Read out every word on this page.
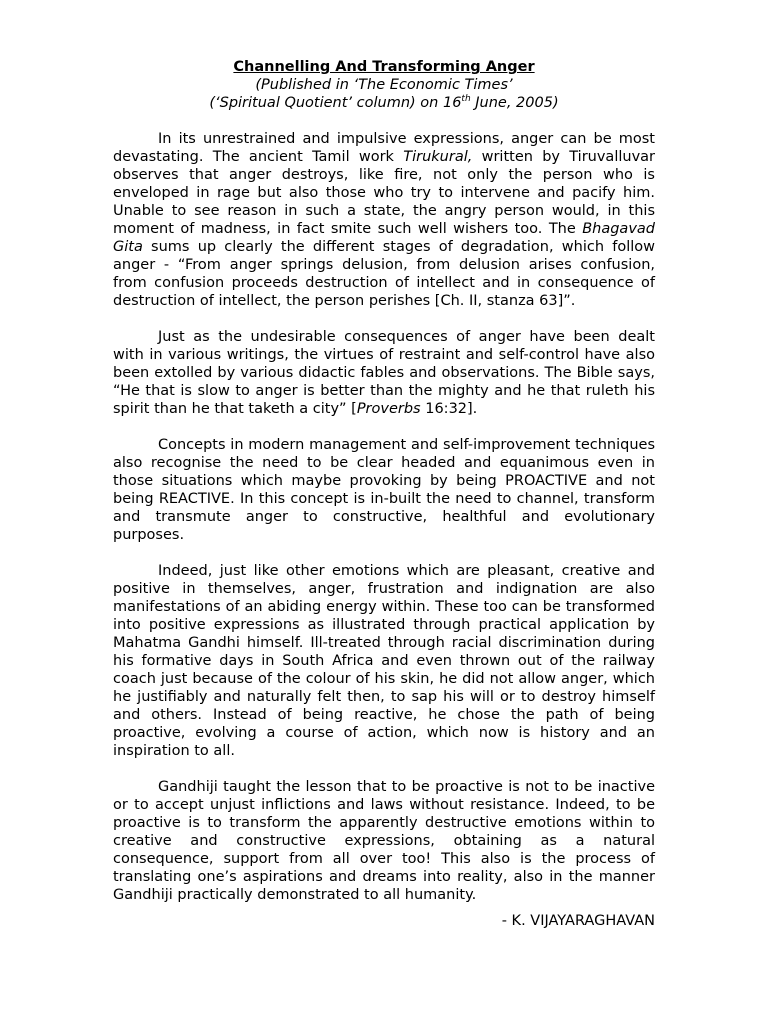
Channelling And Transforming Anger
(Published in ‘The Economic Times’
(‘Spiritual Quotient’ column) on 16th June, 2005)

In its unrestrained and impulsive expressions, anger can be most devastating. The ancient Tamil work Tirukural, written by Tiruvalluvar observes that anger destroys, like fire, not only the person who is enveloped in rage but also those who try to intervene and pacify him. Unable to see reason in such a state, the angry person would, in this moment of madness, in fact smite such well wishers too. The Bhagavad Gita sums up clearly the different stages of degradation, which follow anger - “From anger springs delusion, from delusion arises confusion, from confusion proceeds destruction of intellect and in consequence of destruction of intellect, the person perishes [Ch. II, stanza 63]”.

Just as the undesirable consequences of anger have been dealt with in various writings, the virtues of restraint and self-control have also been extolled by various didactic fables and observations. The Bible says, “He that is slow to anger is better than the mighty and he that ruleth his spirit than he that taketh a city” [Proverbs 16:32].

Concepts in modern management and self-improvement techniques also recognise the need to be clear headed and equanimous even in those situations which maybe provoking by being PROACTIVE and not being REACTIVE. In this concept is in-built the need to channel, transform and transmute anger to constructive, healthful and evolutionary purposes.

Indeed, just like other emotions which are pleasant, creative and positive in themselves, anger, frustration and indignation are also manifestations of an abiding energy within. These too can be transformed into positive expressions as illustrated through practical application by Mahatma Gandhi himself. Ill-treated through racial discrimination during his formative days in South Africa and even thrown out of the railway coach just because of the colour of his skin, he did not allow anger, which he justifiably and naturally felt then, to sap his will or to destroy himself and others. Instead of being reactive, he chose the path of being proactive, evolving a course of action, which now is history and an inspiration to all.

Gandhiji taught the lesson that to be proactive is not to be inactive or to accept unjust inflictions and laws without resistance. Indeed, to be proactive is to transform the apparently destructive emotions within to creative and constructive expressions, obtaining as a natural consequence, support from all over too! This also is the process of translating one’s aspirations and dreams into reality, also in the manner Gandhiji practically demonstrated to all humanity.

- K. VIJAYARAGHAVAN
